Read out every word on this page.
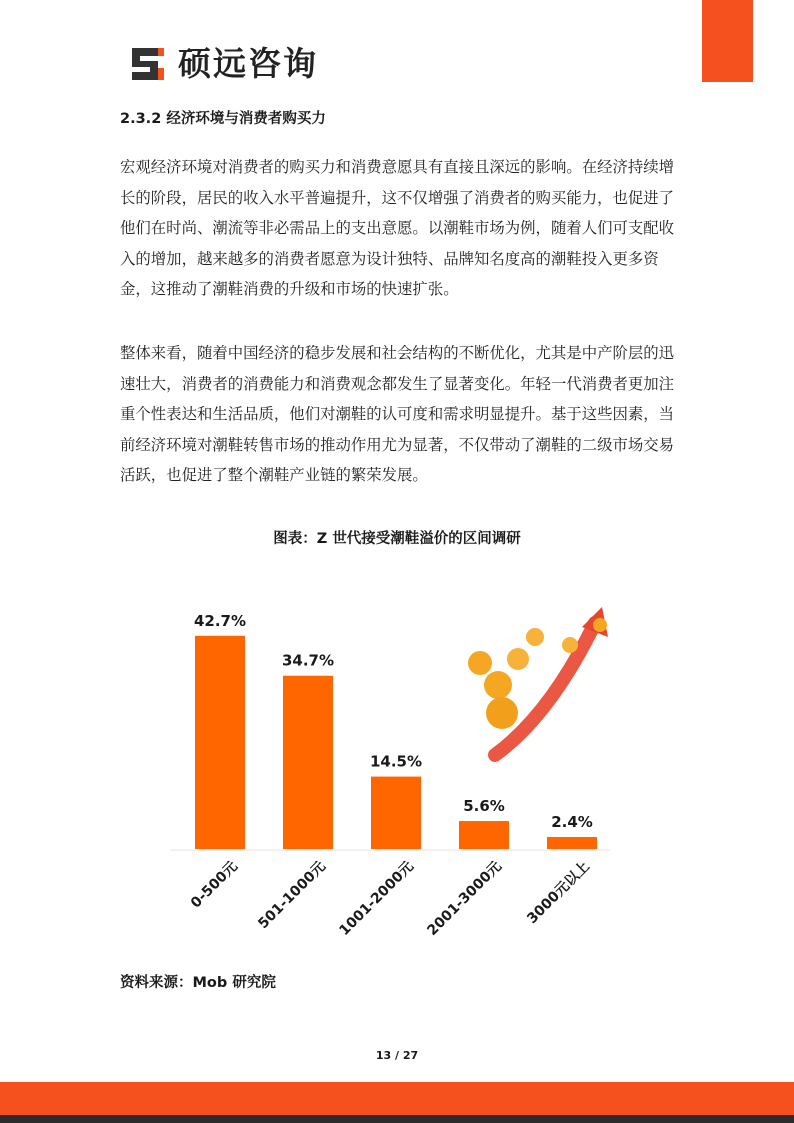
硕远咨询
2.3.2 经济环境与消费者购买力

宏观经济环境对消费者的购买力和消费意愿具有直接且深远的影响。在经济持续增长的阶段，居民的收入水平普遍提升，这不仅增强了消费者的购买能力，也促进了他们在时尚、潮流等非必需品上的支出意愿。以潮鞋市场为例，随着人们可支配收入的增加，越来越多的消费者愿意为设计独特、品牌知名度高的潮鞋投入更多资金，这推动了潮鞋消费的升级和市场的快速扩张。

整体来看，随着中国经济的稳步发展和社会结构的不断优化，尤其是中产阶层的迅速壮大，消费者的消费能力和消费观念都发生了显著变化。年轻一代消费者更加注重个性表达和生活品质，他们对潮鞋的认可度和需求明显提升。基于这些因素，当前经济环境对潮鞋转售市场的推动作用尤为显著，不仅带动了潮鞋的二级市场交易活跃，也促进了整个潮鞋产业链的繁荣发展。

图表：Z 世代接受潮鞋溢价的区间调研
42.7%
34.7%
14.5%
5.6%
2.4%
0-500元 501-1000元 1001-2000元 2001-3000元 3000元以上
资料来源：Mob 研究院
13 / 27
